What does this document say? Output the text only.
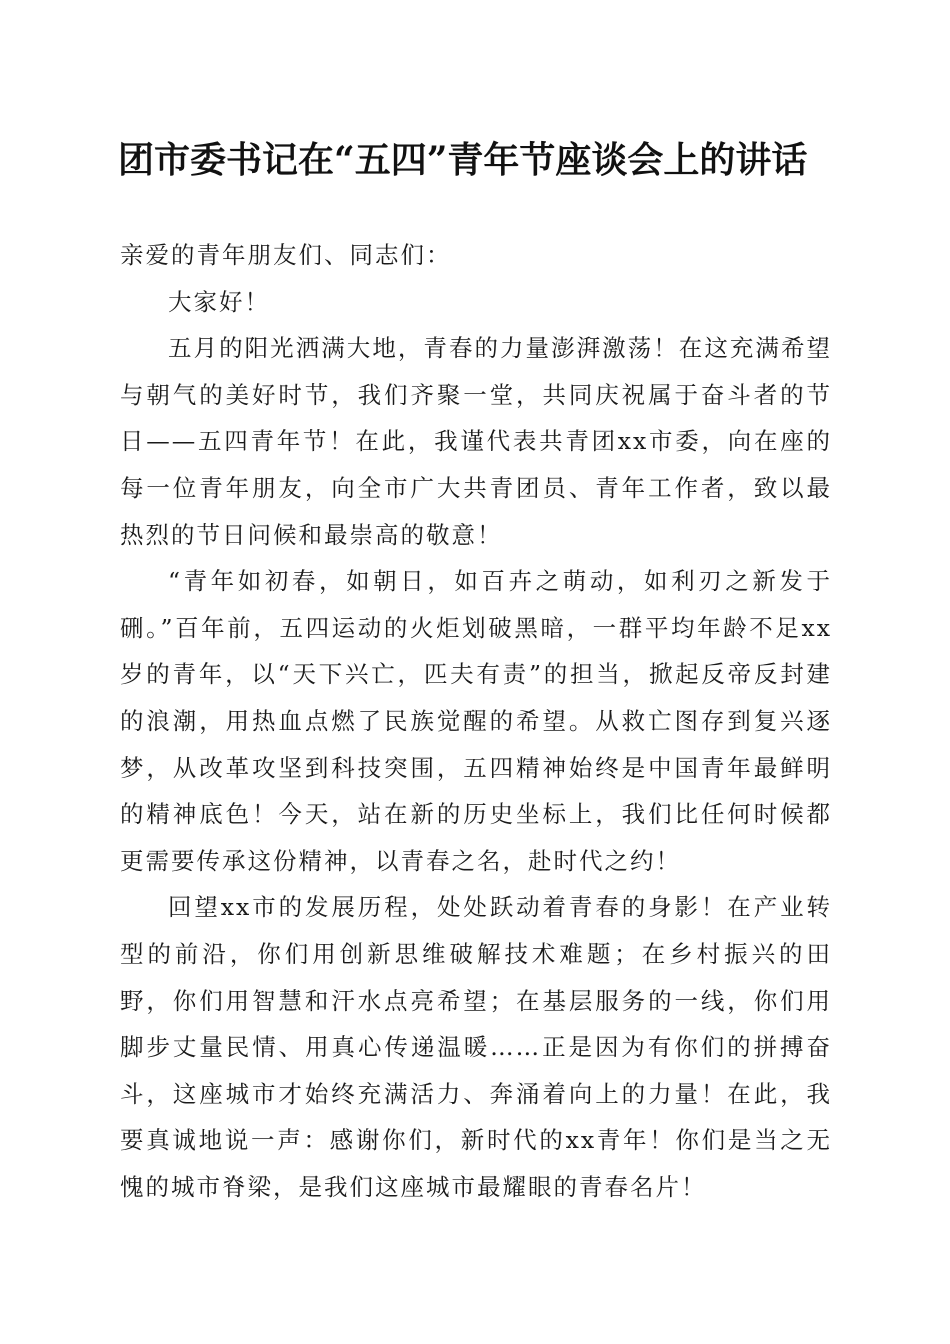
团市委书记在“五四”青年节座谈会上的讲话

亲爱的青年朋友们、同志们：

大家好！

五月的阳光洒满大地，青春的力量澎湃激荡！在这充满希望与朝气的美好时节，我们齐聚一堂，共同庆祝属于奋斗者的节日——五四青年节！在此，我谨代表共青团xx市委，向在座的每一位青年朋友，向全市广大共青团员、青年工作者，致以最热烈的节日问候和最崇高的敬意！

“青年如初春，如朝日，如百卉之萌动，如利刃之新发于硎。”百年前，五四运动的火炬划破黑暗，一群平均年龄不足xx岁的青年，以“天下兴亡，匹夫有责”的担当，掀起反帝反封建的浪潮，用热血点燃了民族觉醒的希望。从救亡图存到复兴逐梦，从改革攻坚到科技突围，五四精神始终是中国青年最鲜明的精神底色！今天，站在新的历史坐标上，我们比任何时候都更需要传承这份精神，以青春之名，赴时代之约！

回望xx市的发展历程，处处跃动着青春的身影！在产业转型的前沿，你们用创新思维破解技术难题；在乡村振兴的田野，你们用智慧和汗水点亮希望；在基层服务的一线，你们用脚步丈量民情、用真心传递温暖……正是因为有你们的拼搏奋斗，这座城市才始终充满活力、奔涌着向上的力量！在此，我要真诚地说一声：感谢你们，新时代的xx青年！你们是当之无愧的城市脊梁，是我们这座城市最耀眼的青春名片！
